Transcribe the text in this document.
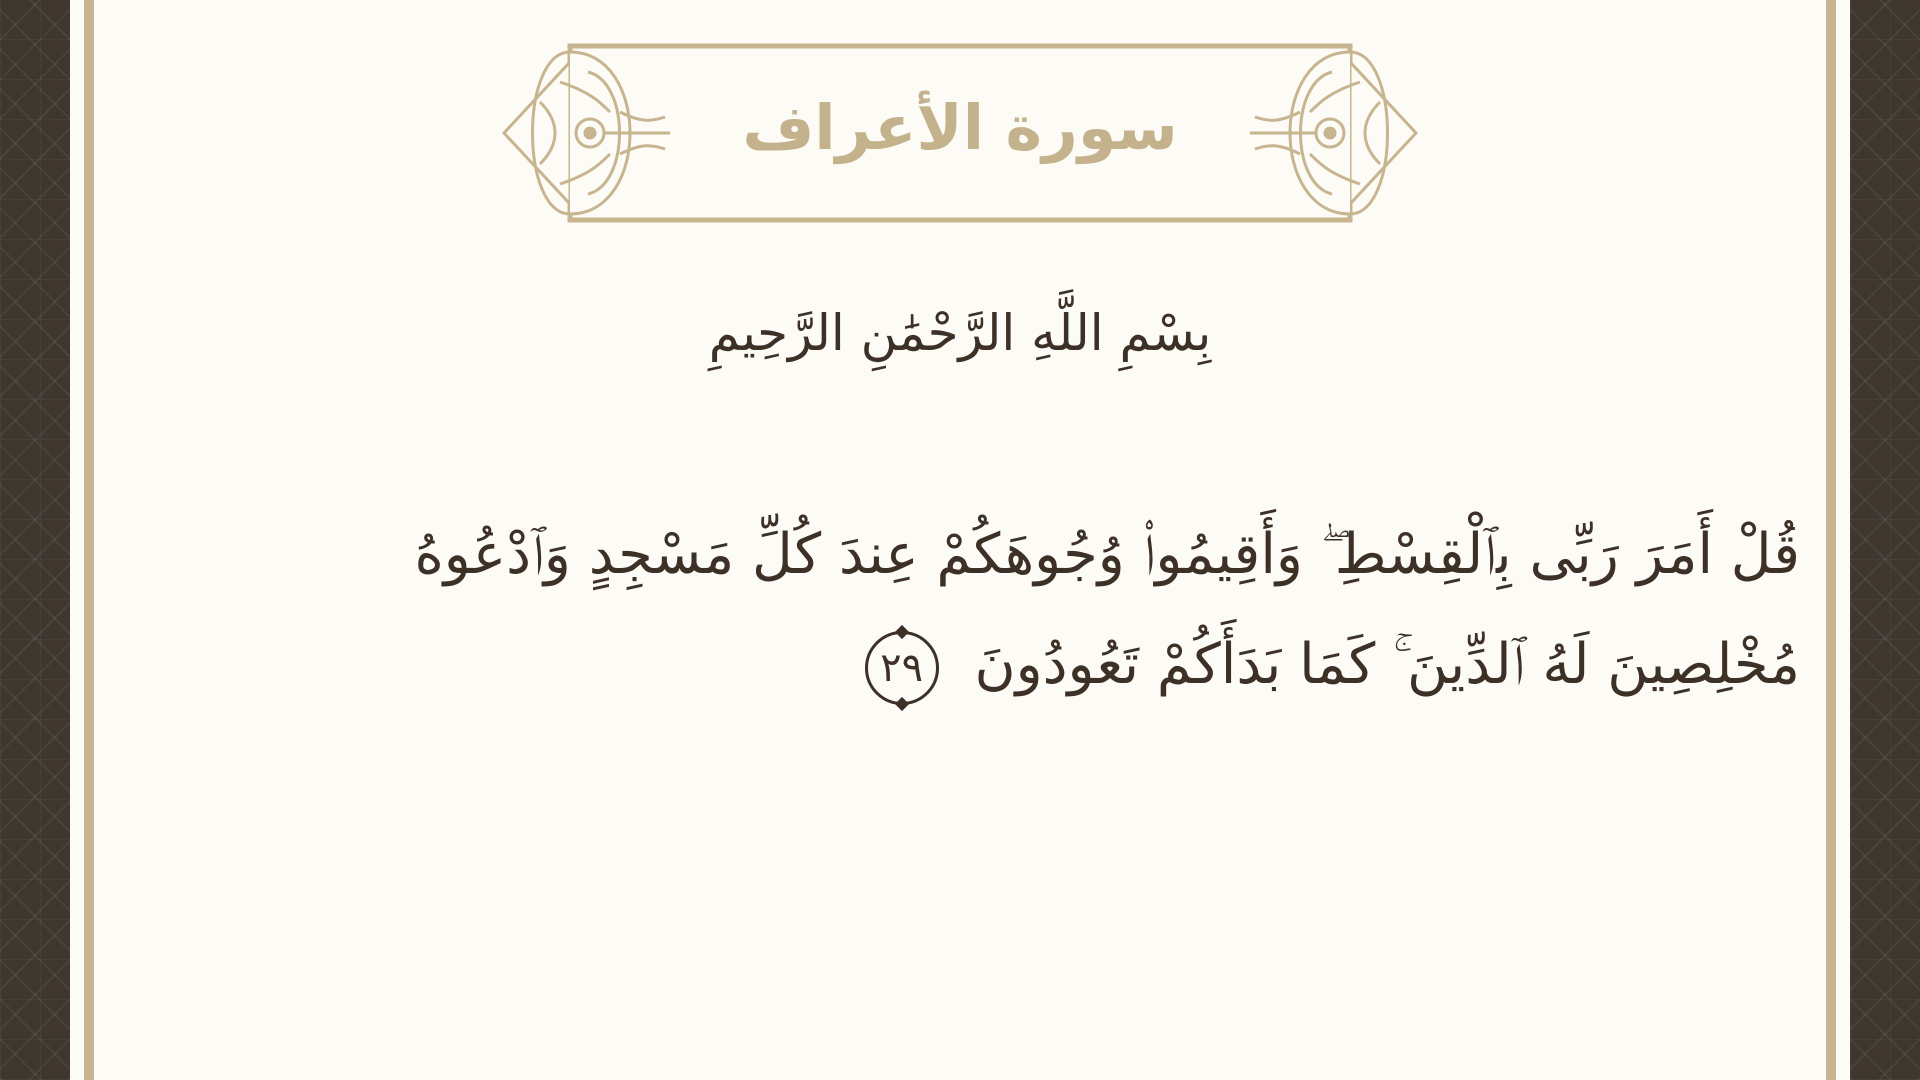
سورة الأعراف
بِسْمِ اللَّهِ الرَّحْمَٰنِ الرَّحِيمِ
قُلْ أَمَرَ رَبِّى بِٱلْقِسْطِ ۖ وَأَقِيمُوا۟ وُجُوهَكُمْ عِندَ كُلِّ مَسْجِدٍ وَٱدْعُوهُ مُخْلِصِينَ لَهُ ٱلدِّينَ ۚ كَمَا بَدَأَكُمْ تَعُودُونَ
٢٩
